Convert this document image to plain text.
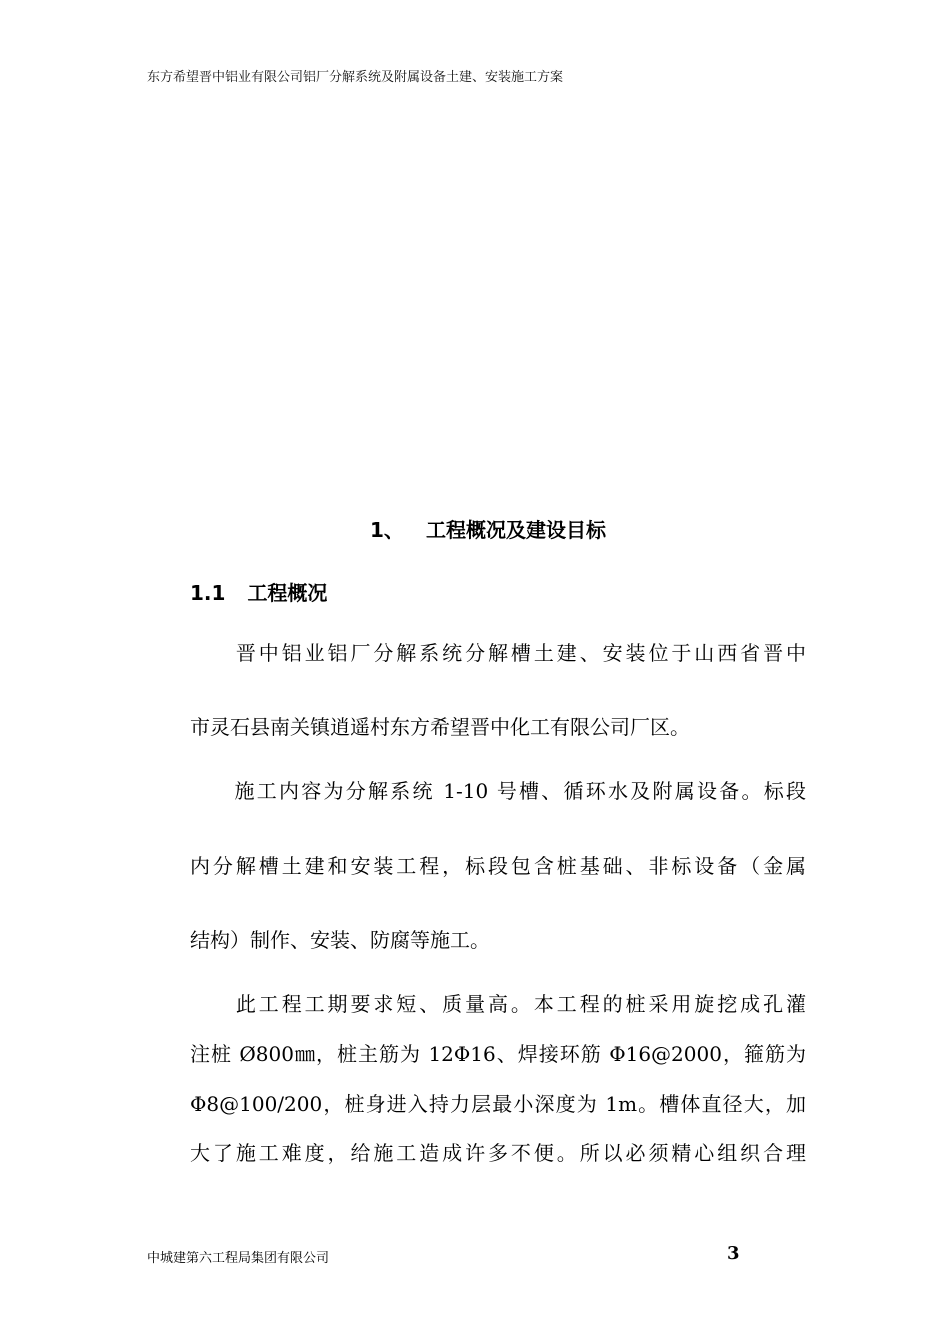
东方希望晋中铝业有限公司铝厂分解系统及附属设备土建、安装施工方案
1、 工程概况及建设目标
1.1 工程概况
　　晋中铝业铝厂分解系统分解槽土建、安装位于山西省晋中
市灵石县南关镇逍遥村东方希望晋中化工有限公司厂区。
　　施工内容为分解系统 1-10 号槽、循环水及附属设备。标段
内分解槽土建和安装工程，标段包含桩基础、非标设备（金属
结构）制作、安装、防腐等施工。
　　此工程工期要求短、质量高。本工程的桩采用旋挖成孔灌
注桩 Ø800㎜，桩主筋为 12Φ16、焊接环筋 Φ16@2000，箍筋为
Φ8@100/200，桩身进入持力层最小深度为 1m。槽体直径大，加
大了施工难度，给施工造成许多不便。所以必须精心组织合理
中城建第六工程局集团有限公司	3
